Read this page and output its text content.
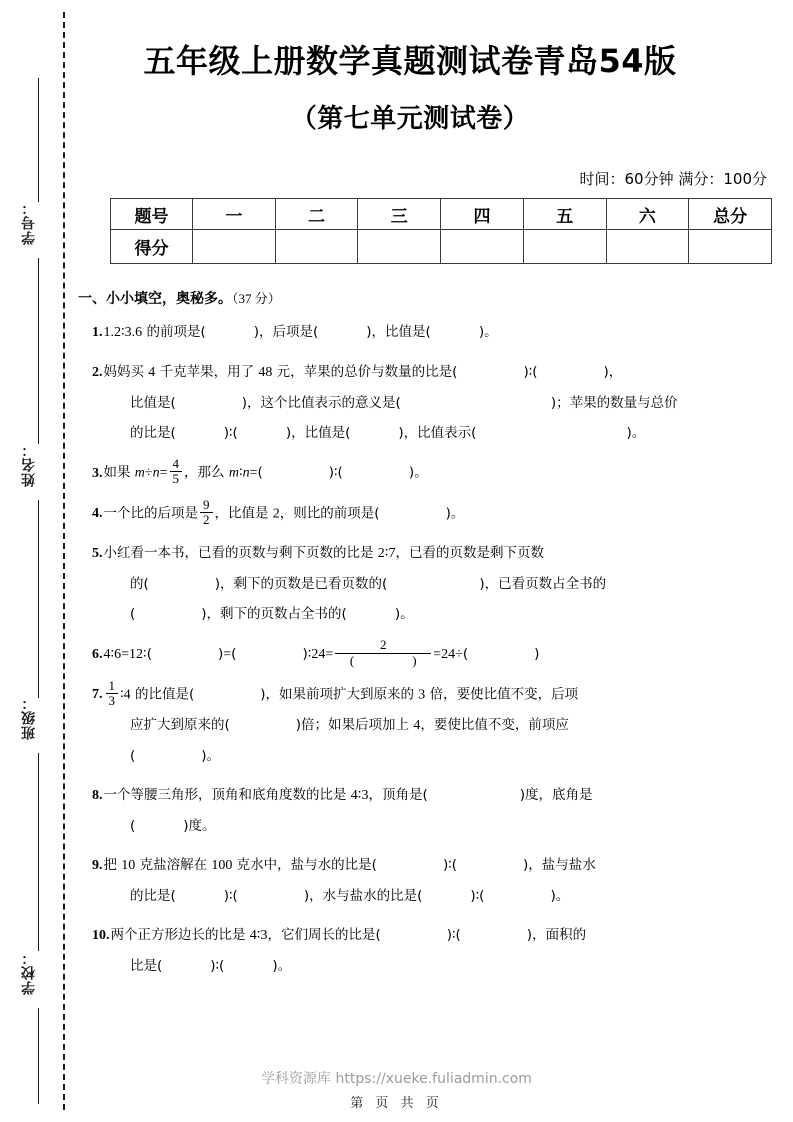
学号：
姓名：
班级：
学校：
五年级上册数学真题测试卷青岛54版
（第七单元测试卷）
时间：60分钟 满分：100分
题号	一	二	三	四	五	六	总分
得分							
一、小小填空，奥秘多。（37 分）
1.1.2∶3.6 的前项是(	)，后项是(	)，比值是(	)。
2.妈妈买 4 千克苹果，用了 48 元，苹果的总价与数量的比是(	)∶(	)，
比值是(	)，这个比值表示的意义是(	)；苹果的数量与总价
的比是(	)∶(	)，比值是(	)，比值表示(	)。
3.如果 $m\div n= \frac{4}{5}$ ，那么 m∶n=(	)∶(	)。
4.一个比的后项是 $\frac{9}{2}$ ，比值是 2，则比的前项是(	)。
5.小红看一本书，已看的页数与剩下页数的比是 2∶7，已看的页数是剩下页数
的(	)，剩下的页数是已看页数的(	)，已看页数占全书的
(	)，剩下的页数占全书的(	)。
6.4∶6=12∶(	)=(	)∶24= 2
(	) =24÷(	)
7. $\frac{1}{3}$ ∶4 的比值是(	)，如果前项扩大到原来的 3 倍，要使比值不变，后项
应扩大到原来的(	)倍；如果后项加上 4，要使比值不变，前项应
(	)。
8.一个等腰三角形，顶角和底角度数的比是 4∶3，顶角是(	)度，底角是
(	)度。
9.把 10 克盐溶解在 100 克水中，盐与水的比是(	)∶(	)，盐与盐水
的比是(	)∶(	)，水与盐水的比是(	)∶(	)。
10.两个正方形边长的比是 4∶3，它们周长的比是(	)∶(	)，面积的
比是(	)∶(	)。
学科资源库 https://xueke.fuliadmin.com
第 页 共 页
